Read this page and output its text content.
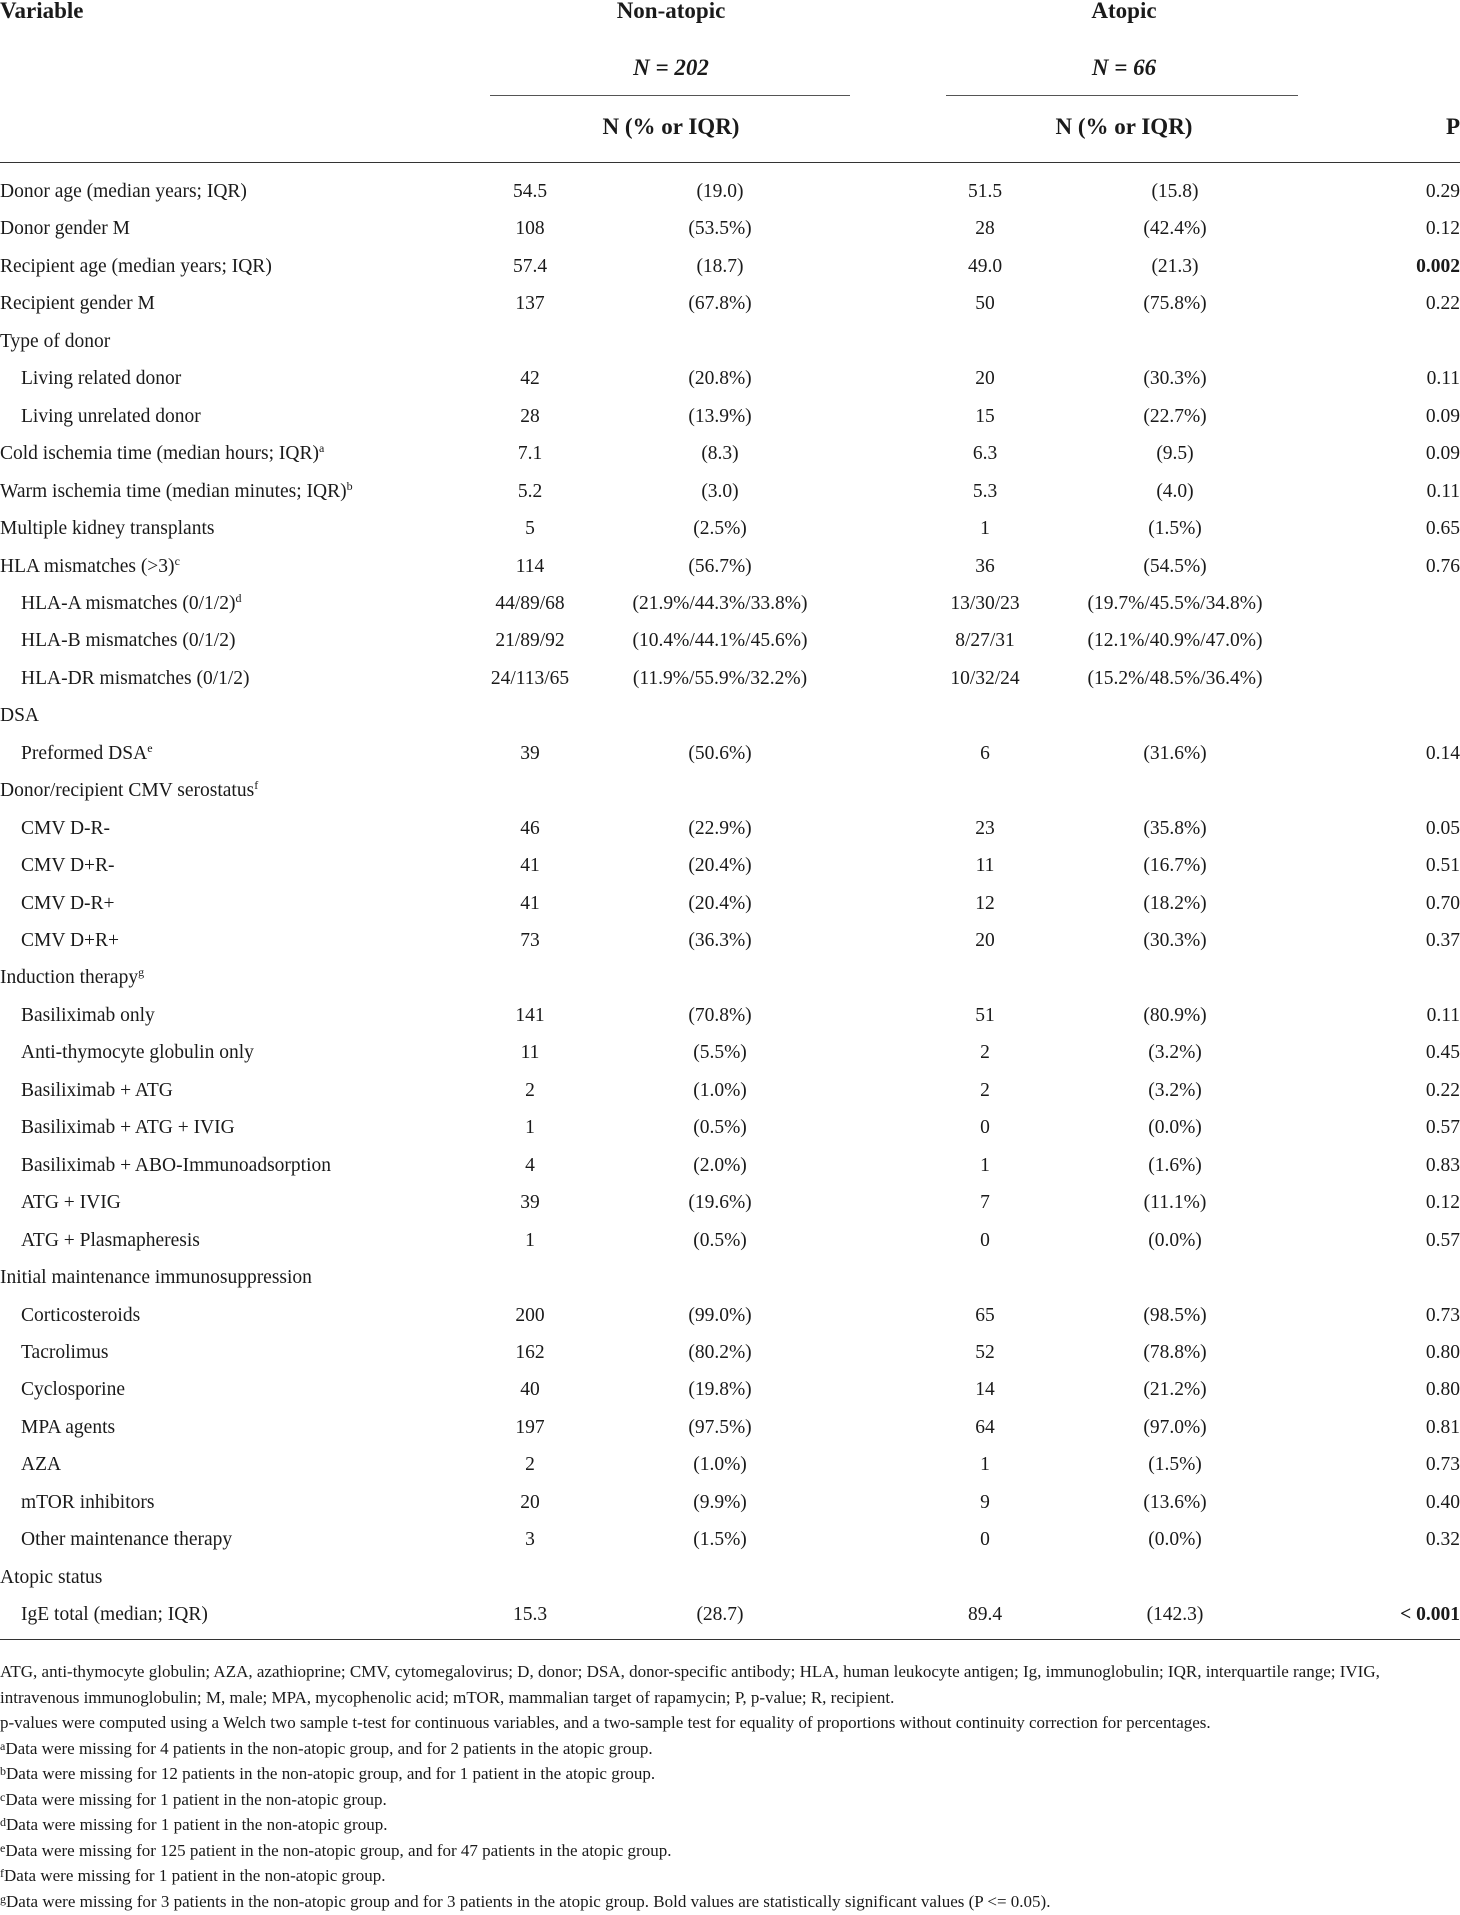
Variable	Non-atopic	Atopic
N = 202	N = 66
N (% or IQR)	N (% or IQR)	P
Donor age (median years; IQR)	54.5	(19.0)	51.5	(15.8)	0.29
Donor gender M	108	(53.5%)	28	(42.4%)	0.12
Recipient age (median years; IQR)	57.4	(18.7)	49.0	(21.3)	0.002
Recipient gender M	137	(67.8%)	50	(75.8%)	0.22
Type of donor
Living related donor	42	(20.8%)	20	(30.3%)	0.11
Living unrelated donor	28	(13.9%)	15	(22.7%)	0.09
Cold ischemia time (median hours; IQR)$^a$	7.1	(8.3)	6.3	(9.5)	0.09
Warm ischemia time (median minutes; IQR)$^b$	5.2	(3.0)	5.3	(4.0)	0.11
Multiple kidney transplants	5	(2.5%)	1	(1.5%)	0.65
HLA mismatches (>3)$^c$	114	(56.7%)	36	(54.5%)	0.76
HLA-A mismatches $(0/1/2)^d$	44/89/68	(21.9%/44.3%/33.8%)	13/30/23	(19.7%/45.5%/34.8%)
HLA-B mismatches (0/1/2)	21/89/92	(10.4%/44.1%/45.6%)	8/27/31	(12.1%/40.9%/47.0%)
HLA-DR mismatches (0/1/2)	24/113/65	(11.9%/55.9%/32.2%)	10/32/24	(15.2%/48.5%/36.4%)
DSA
Preformed DSA$^e$	39	(50.6%)	6	(31.6%)	0.14
Donor/recipient CMV serostatus$^f$
CMV D-R-	46	(22.9%)	23	(35.8%)	0.05
CMV D+R-	41	(20.4%)	11	(16.7%)	0.51
CMV D-R+	41	(20.4%)	12	(18.2%)	0.70
CMV D+R+	73	(36.3%)	20	(30.3%)	0.37
Induction therapy$^g$
Basiliximab only	141	(70.8%)	51	(80.9%)	0.11
Anti-thymocyte globulin only	11	(5.5%)	2	(3.2%)	0.45
Basiliximab + ATG	2	(1.0%)	2	(3.2%)	0.22
Basiliximab + ATG + IVIG	1	(0.5%)	0	(0.0%)	0.57
Basiliximab + ABO-Immunoadsorption	4	(2.0%)	1	(1.6%)	0.83
ATG + IVIG	39	(19.6%)	7	(11.1%)	0.12
ATG + Plasmapheresis	1	(0.5%)	0	(0.0%)	0.57
Initial maintenance immunosuppression
Corticosteroids	200	(99.0%)	65	(98.5%)	0.73
Tacrolimus	162	(80.2%)	52	(78.8%)	0.80
Cyclosporine	40	(19.8%)	14	(21.2%)	0.80
MPA agents	197	(97.5%)	64	(97.0%)	0.81
AZA	2	(1.0%)	1	(1.5%)	0.73
mTOR inhibitors	20	(9.9%)	9	(13.6%)	0.40
Other maintenance therapy	3	(1.5%)	0	(0.0%)	0.32
Atopic status
IgE total (median; IQR)	15.3	(28.7)	89.4	(142.3)	< 0.001

ATG, anti-thymocyte globulin; AZA, azathioprine; CMV, cytomegalovirus; D, donor; DSA, donor-specific antibody; HLA, human leukocyte antigen; Ig, immunoglobulin; IQR, interquartile range; IVIG, intravenous immunoglobulin; M, male; MPA, mycophenolic acid; mTOR, mammalian target of rapamycin; P, p-value; R, recipient.

p-values were computed using a Welch two sample t-test for continuous variables, and a two-sample test for equality of proportions without continuity correction for percentages.

$^a$Data were missing for 4 patients in the non-atopic group, and for 2 patients in the atopic group.

$^b$Data were missing for 12 patients in the non-atopic group, and for 1 patient in the atopic group.

$^c$Data were missing for 1 patient in the non-atopic group.

$^d$Data were missing for 1 patient in the non-atopic group.

$^e$Data were missing for 125 patient in the non-atopic group, and for 47 patients in the atopic group.

$^f$Data were missing for 1 patient in the non-atopic group.

$^g$Data were missing for 3 patients in the non-atopic group and for 3 patients in the atopic group. Bold values are statistically significant values (P <= 0.05).
